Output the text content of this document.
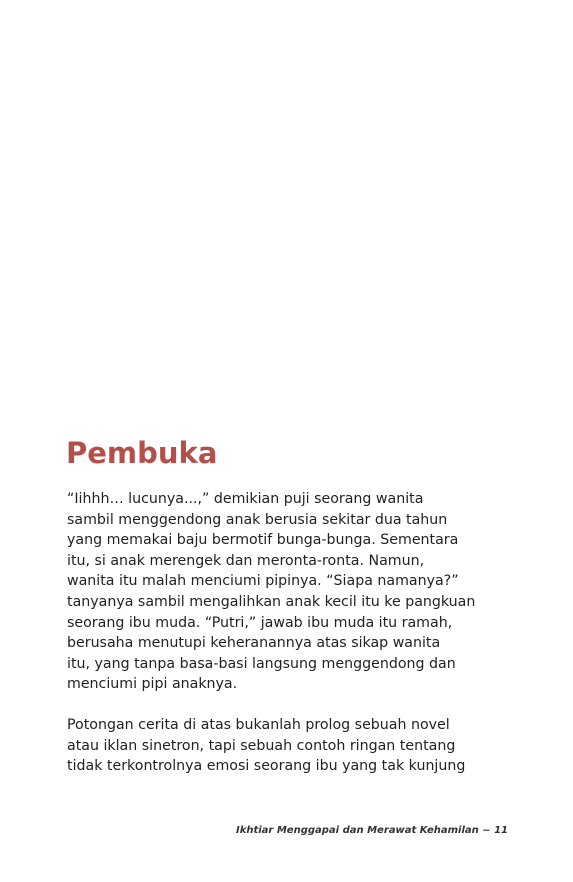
Pembuka

“Iihhh… lucunya...,” demikian puji seorang wanita
sambil menggendong anak berusia sekitar dua tahun
yang memakai baju bermotif bunga-bunga. Sementara
itu, si anak merengek dan meronta-ronta. Namun,
wanita itu malah menciumi pipinya. “Siapa namanya?”
tanyanya sambil mengalihkan anak kecil itu ke pangkuan
seorang ibu muda. “Putri,” jawab ibu muda itu ramah,
berusaha menutupi keheranannya atas sikap wanita
itu, yang tanpa basa-basi langsung menggendong dan
menciumi pipi anaknya.

Potongan cerita di atas bukanlah prolog sebuah novel
atau iklan sinetron, tapi sebuah contoh ringan tentang
tidak terkontrolnya emosi seorang ibu yang tak kunjung

Ikhtiar Menggapai dan Merawat Kehamilan ~ 11
